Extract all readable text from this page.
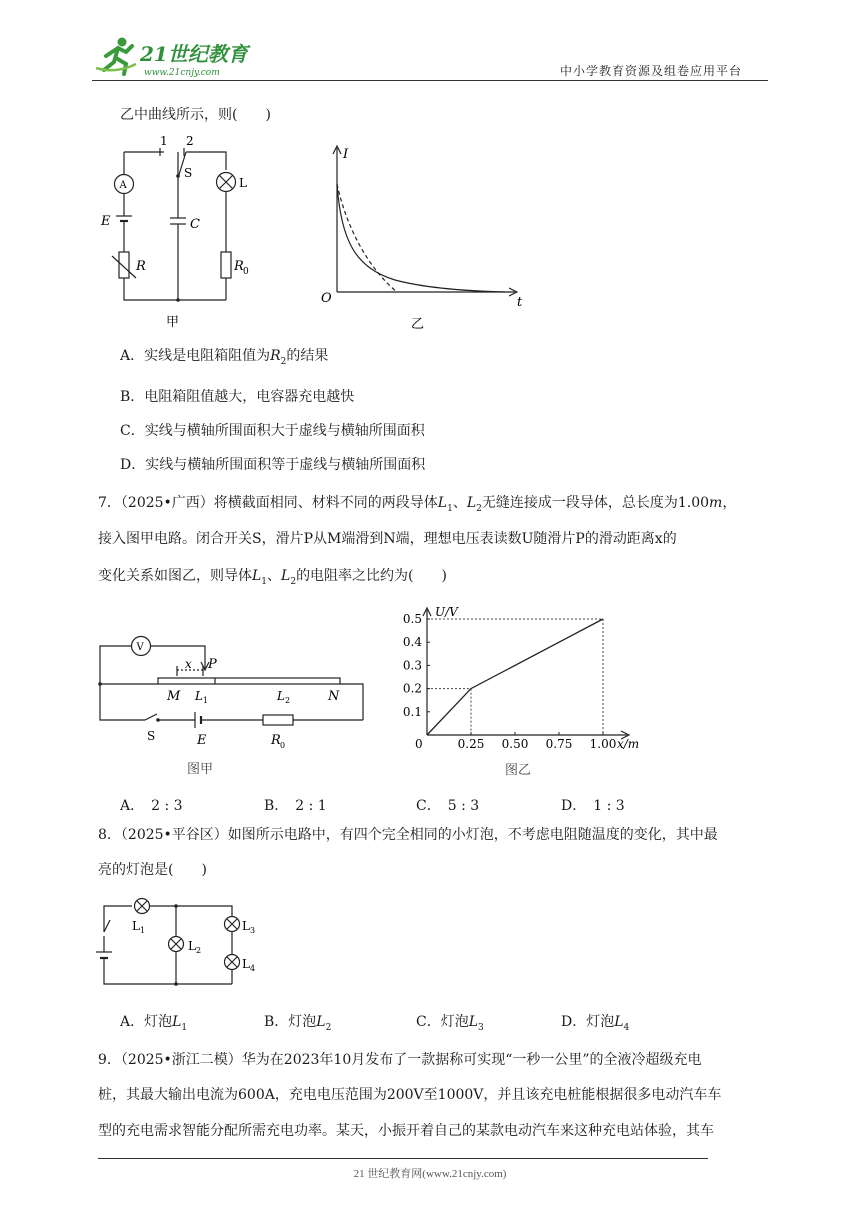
21世纪教育
www.21cnjy.com	中小学教育资源及组卷应用平台
乙中曲线所示，则(　　)
1 2
S
A	L
E	C
R	R 0
甲
I
t
O
乙
A．实线是电阻箱阻值为$R_2$的结果
B．电阻箱阻值越大，电容器充电越快
C．实线与横轴所围面积大于虚线与横轴所围面积
D．实线与横轴所围面积等于虚线与横轴所围面积
7．（2025•广西）将横截面相同、材料不同的两段导体$L_1$、$L_2$无缝连接成一段导体，总长度为1.00m，
接入图甲电路。闭合开关S，滑片P从M端滑到N端，理想电压表读数U随滑片P的滑动距离x的
变化关系如图乙，则导体$L_1$、$L_2$的电阻率之比约为(　　)
V
x P
M L 1	L 2	N
S	E	R 0
图甲
0.25 0.50 0.75 1.00
0.1
0.2
0.3
0.4
0.5 U/V
x/m
0
图乙
A．　2 : 3	B．　2 : 1	C．　5 : 3	D．　1 : 3
8．（2025•平谷区）如图所示电路中，有四个完全相同的小灯泡，不考虑电阻随温度的变化，其中最
亮的灯泡是(　　)
L 1
L 2
L 3
L 4
A．灯泡$L_1$	B．灯泡$L_2$	C．灯泡$L_3$	D．灯泡$L_4$
9．（2025•浙江二模）华为在2023年10月发布了一款据称可实现“一秒一公里”的全液冷超级充电
桩，其最大输出电流为600A，充电电压范围为200V至1000V，并且该充电桩能根据很多电动汽车车
型的充电需求智能分配所需充电功率。某天，小振开着自己的某款电动汽车来这种充电站体验，其车
21 世纪教育网(www.21cnjy.com)
